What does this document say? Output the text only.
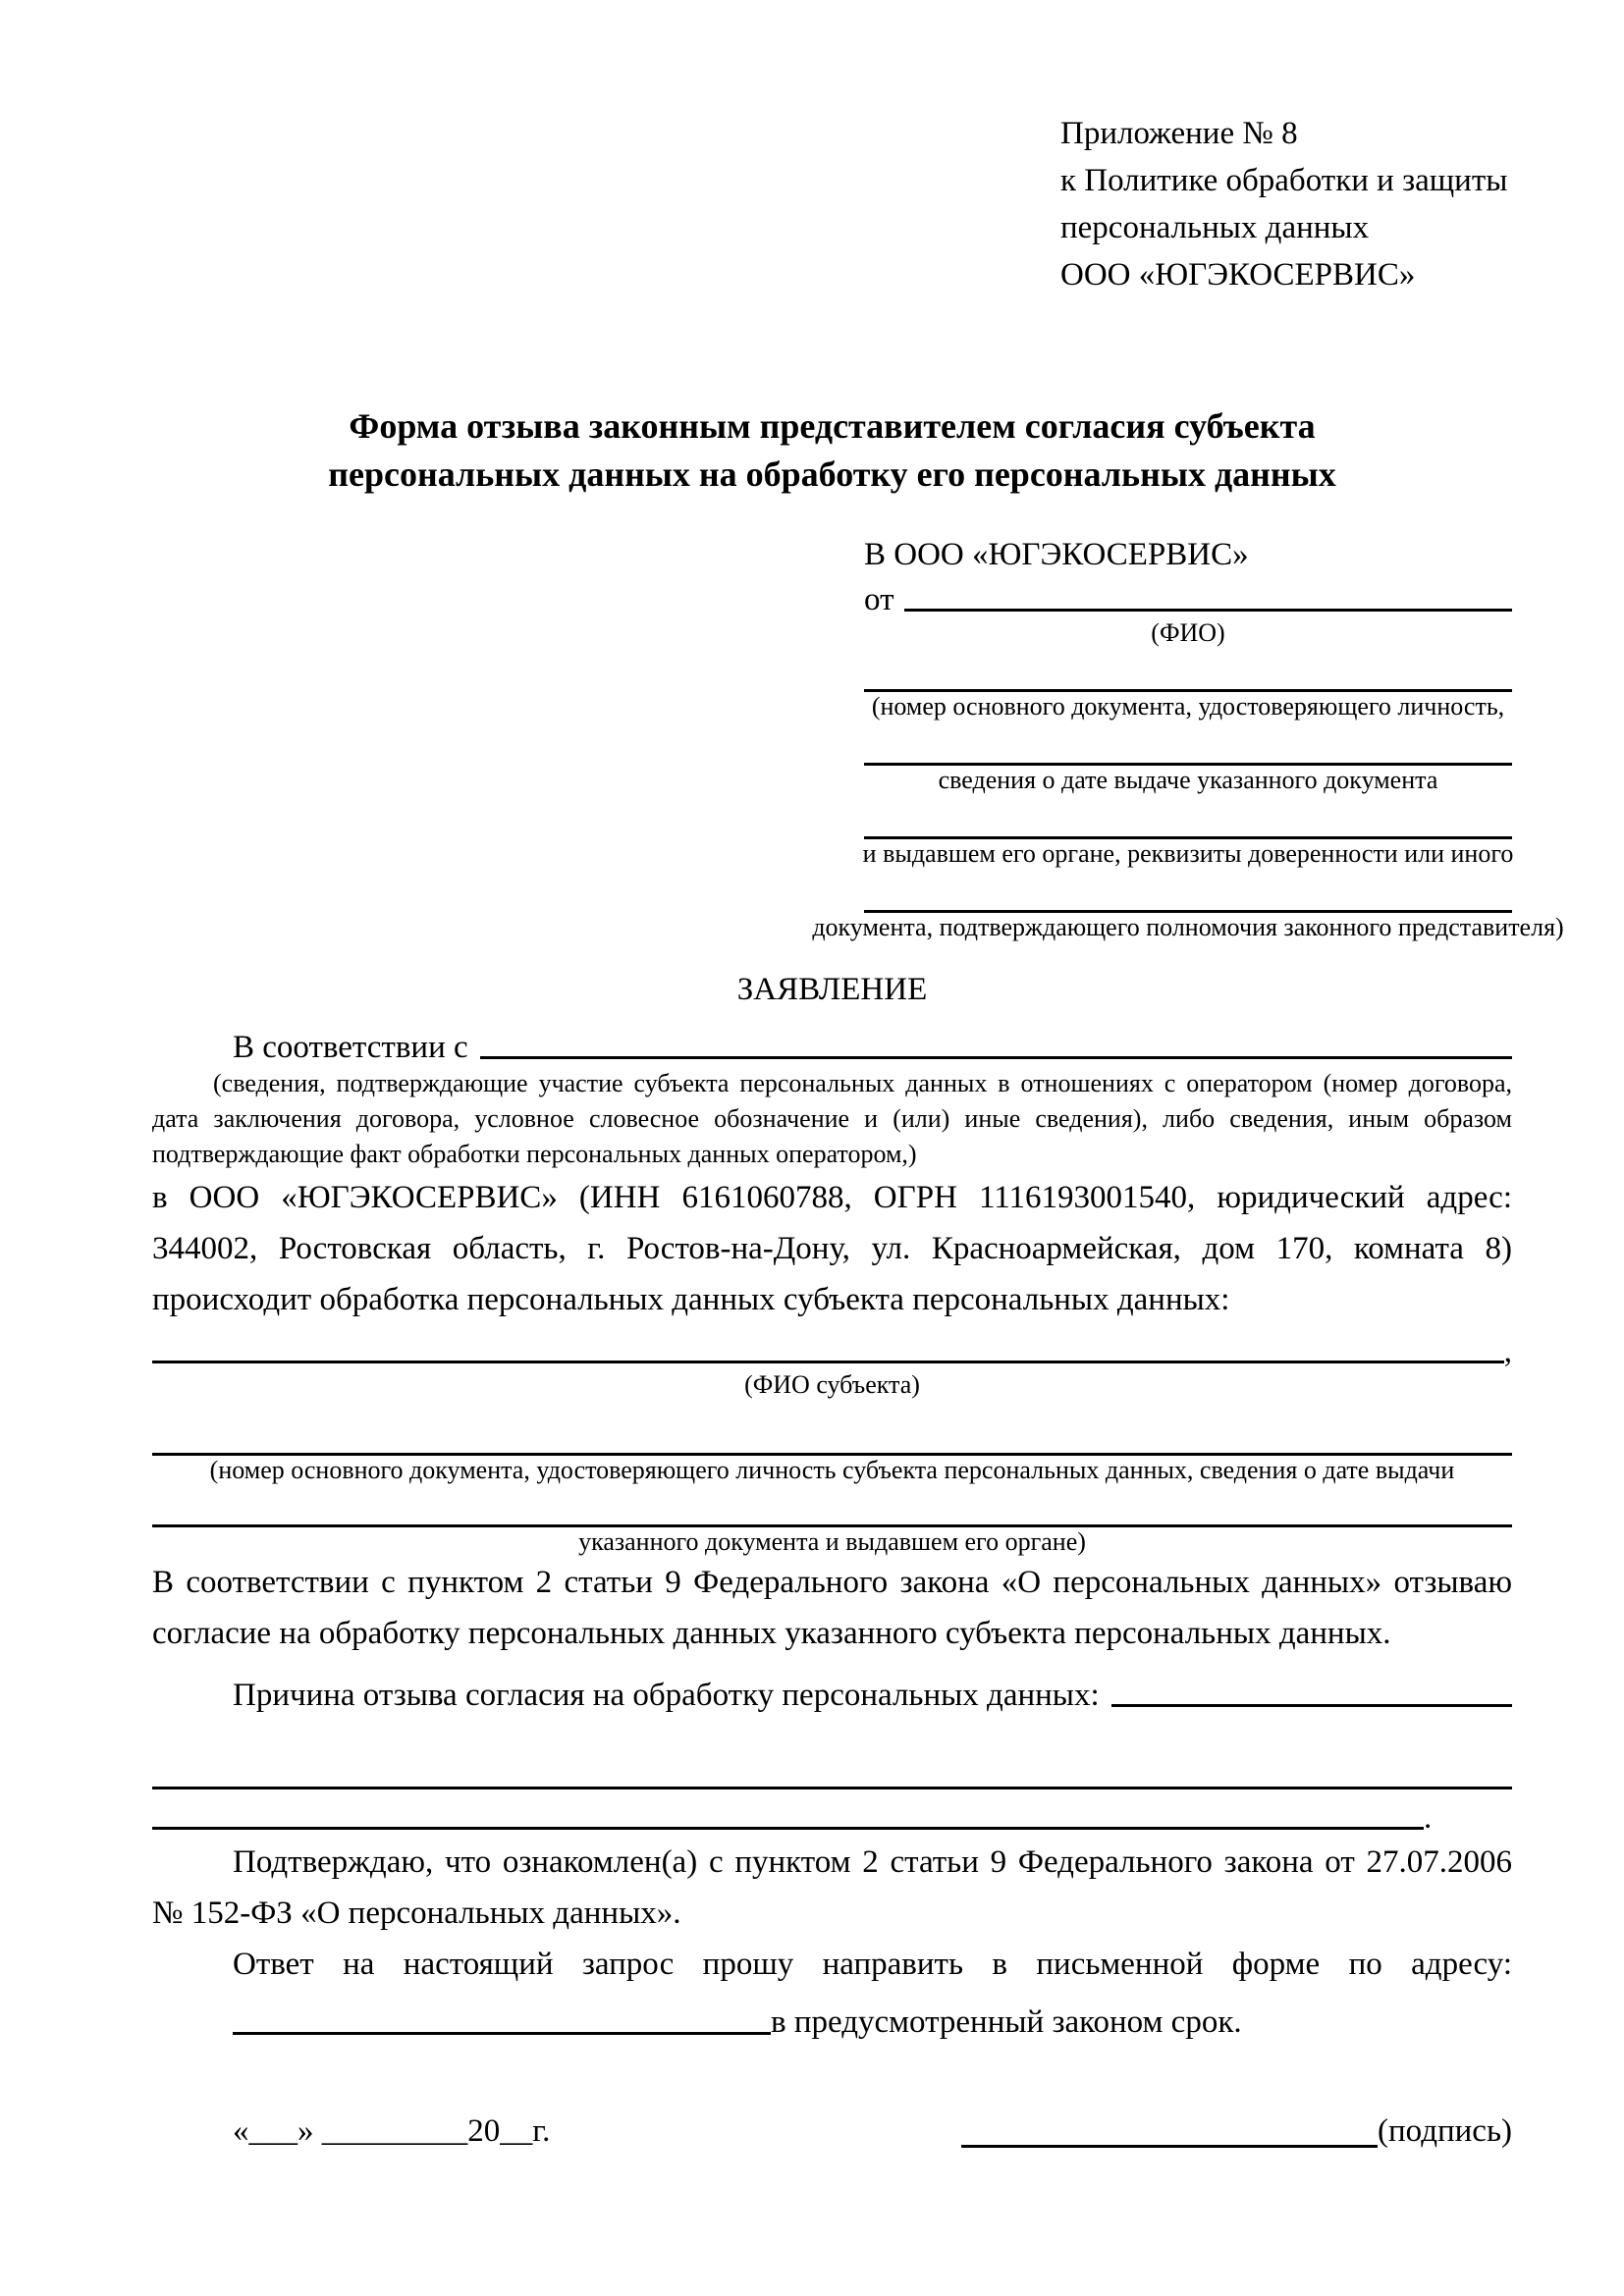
Приложение № 8
к Политике обработки и защиты
персональных данных
ООО «ЮГЭКОСЕРВИС»
Форма отзыва законным представителем согласия субъекта
персональных данных на обработку его персональных данных
В ООО «ЮГЭКОСЕРВИС»
от
(ФИО)
(номер основного документа, удостоверяющего личность,
сведения о дате выдаче указанного документа
и выдавшем его органе, реквизиты доверенности или иного
документа, подтверждающего полномочия законного представителя)
ЗАЯВЛЕНИЕ
В соответствии с
(сведения, подтверждающие участие субъекта персональных данных в отношениях с оператором (номер договора, дата заключения договора, условное словесное обозначение и (или) иные сведения), либо сведения, иным образом подтверждающие факт обработки персональных данных оператором,)
в ООО «ЮГЭКОСЕРВИС» (ИНН 6161060788, ОГРН 1116193001540, юридический адрес: 344002, Ростовская область, г. Ростов-на-Дону, ул. Красноармейская, дом 170, комната 8) происходит обработка персональных данных субъекта персональных данных:
,
(ФИО субъекта)
(номер основного документа, удостоверяющего личность субъекта персональных данных, сведения о дате выдачи
указанного документа и выдавшем его органе)
В соответствии с пунктом 2 статьи 9 Федерального закона «О персональных данных» отзываю согласие на обработку персональных данных указанного субъекта персональных данных.
Причина отзыва согласия на обработку персональных данных:
.
Подтверждаю, что ознакомлен(а) с пунктом 2 статьи 9 Федерального закона от 27.07.2006 № 152-ФЗ «О персональных данных».
Ответ на настоящий запрос прошу направить в письменной форме по адресу:
в предусмотренный законом срок.
«___» _________20__г.	(подпись)
